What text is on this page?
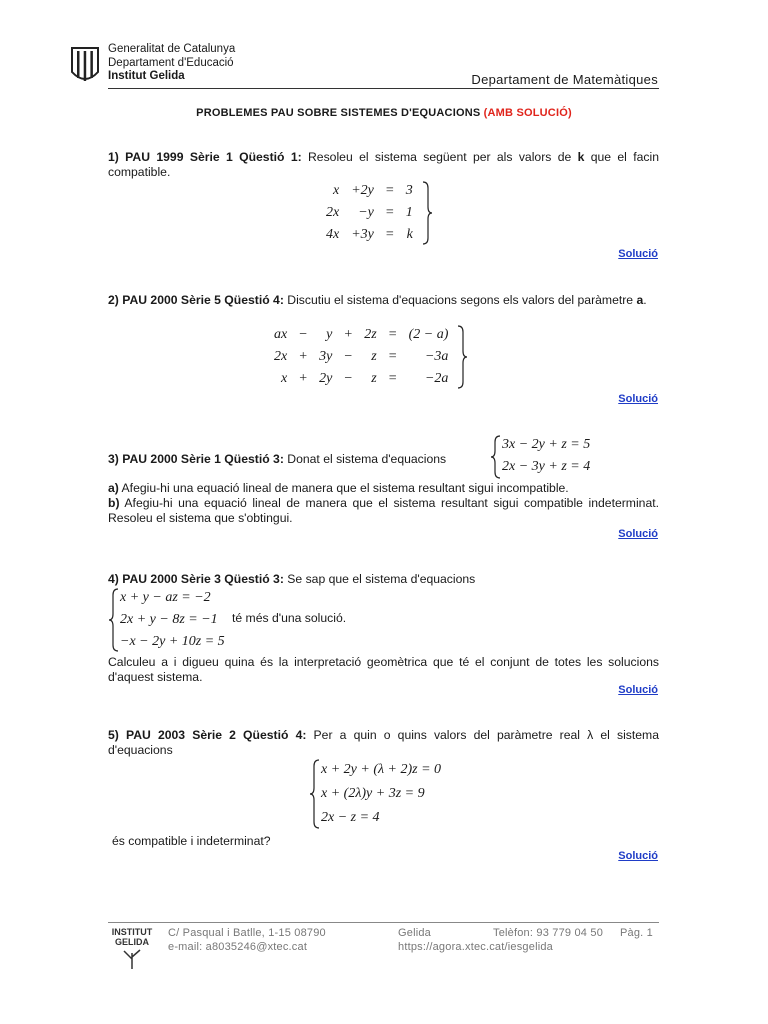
Generalitat de Catalunya
Departament d'Educació
Institut Gelida	Departament de Matemàtiques
PROBLEMES PAU SOBRE SISTEMES D'EQUACIONS (AMB SOLUCIÓ)
1) PAU 1999 Sèrie 1 Qüestió 1: Resoleu el sistema següent per als valors de k que el facin compatible.
x	+2y	=	3
2x	−y	=	1
4x	+3y	=	k
Solució
2) PAU 2000 Sèrie 5 Qüestió 4: Discutiu el sistema d'equacions segons els valors del paràmetre a.
ax	−	y	+	2z	=	(2 − a)
2x	+	3y	−	z	=	−3a
x	+	2y	−	z	=	−2a
Solució
3) PAU 2000 Sèrie 1 Qüestió 3: Donat el sistema d'equacions
3x − 2y + z = 5
2x − 3y + z = 4
a) Afegiu-hi una equació lineal de manera que el sistema resultant sigui incompatible.
b) Afegiu-hi una equació lineal de manera que el sistema resultant sigui compatible indeterminat. Resoleu el sistema que s'obtingui.
Solució
4) PAU 2000 Sèrie 3 Qüestió 3: Se sap que el sistema d'equacions
x + y − az = −2
2x + y − 8z = −1
−x − 2y + 10z = 5
té més d'una solució.
Calculeu a i digueu quina és la interpretació geomètrica que té el conjunt de totes les solucions d'aquest sistema.
Solució
5) PAU 2003 Sèrie 2 Qüestió 4: Per a quin o quins valors del paràmetre real λ el sistema d'equacions
x + 2y + (λ + 2)z = 0
x + (2λ)y + 3z = 9
2x − z = 4
és compatible i indeterminat?
Solució
INSTITUT
GELIDA
C/ Pasqual i Batlle, 1-15 08790
e-mail: a8035246@xtec.cat
Gelida
https://agora.xtec.cat/iesgelida
Telèfon: 93 779 04 50 Pàg. 1
